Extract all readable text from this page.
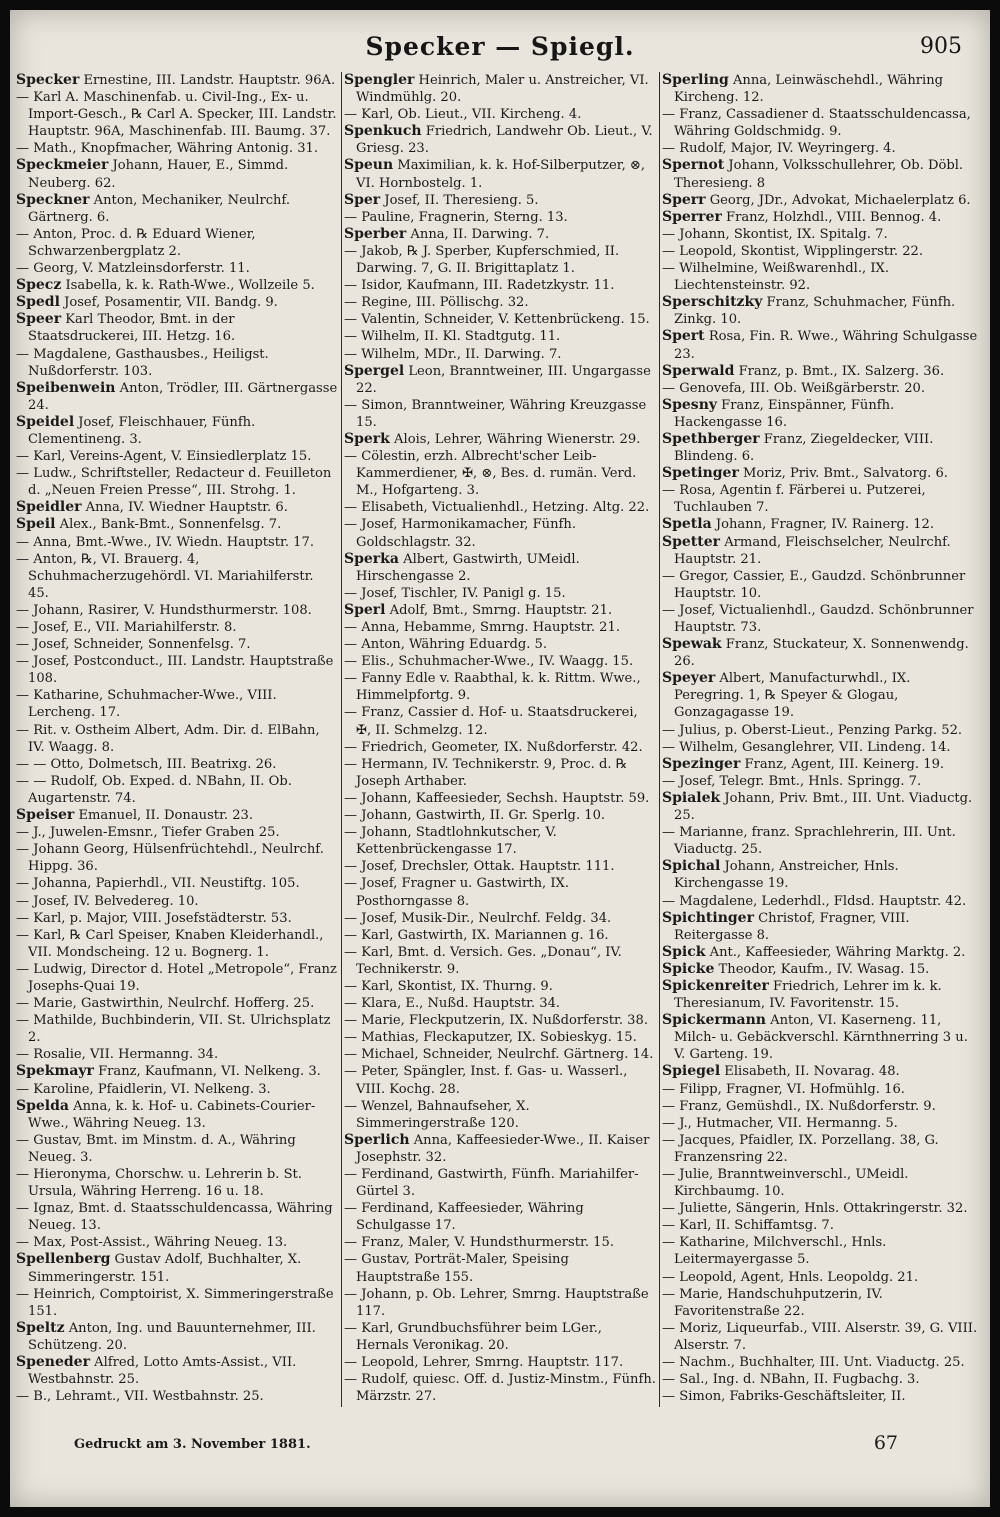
Specker — Spiegl.	905

Specker Ernestine, III. Landstr. Hauptstr. 96A.

— Karl A. Maschinenfab. u. Civil-Ing., Ex- u. Import-Gesch., ℞ Carl A. Specker, III. Landstr. Hauptstr. 96A, Maschinenfab. III. Baumg. 37.

— Math., Knopfmacher, Währing Antonig. 31.

Speckmeier Johann, Hauer, E., Simmd. Neuberg. 62.

Speckner Anton, Mechaniker, Neulrchf. Gärtnerg. 6.

— Anton, Proc. d. ℞ Eduard Wiener, Schwarzenbergplatz 2.

— Georg, V. Matzleinsdorferstr. 11.

Specz Isabella, k. k. Rath-Wwe., Wollzeile 5.

Spedl Josef, Posamentir, VII. Bandg. 9.

Speer Karl Theodor, Bmt. in der Staatsdruckerei, III. Hetzg. 16.

— Magdalene, Gasthausbes., Heiligst. Nußdorferstr. 103.

Speibenwein Anton, Trödler, III. Gärtnergasse 24.

Speidel Josef, Fleischhauer, Fünfh. Clementineng. 3.

— Karl, Vereins-Agent, V. Einsiedlerplatz 15.

— Ludw., Schriftsteller, Redacteur d. Feuilleton d. „Neuen Freien Presse“, III. Strohg. 1.

Speidler Anna, IV. Wiedner Hauptstr. 6.

Speil Alex., Bank-Bmt., Sonnenfelsg. 7.

— Anna, Bmt.-Wwe., IV. Wiedn. Hauptstr. 17.

— Anton, ℞, VI. Brauerg. 4, Schuhmacherzugehördl. VI. Mariahilferstr. 45.

— Johann, Rasirer, V. Hundsthurmerstr. 108.

— Josef, E., VII. Mariahilferstr. 8.

— Josef, Schneider, Sonnenfelsg. 7.

— Josef, Postconduct., III. Landstr. Hauptstraße 108.

— Katharine, Schuhmacher-Wwe., VIII. Lercheng. 17.

— Rit. v. Ostheim Albert, Adm. Dir. d. ElBahn, IV. Waagg. 8.

— — Otto, Dolmetsch, III. Beatrixg. 26.

— — Rudolf, Ob. Exped. d. NBahn, II. Ob. Augartenstr. 74.

Speiser Emanuel, II. Donaustr. 23.

— J., Juwelen-Emsnr., Tiefer Graben 25.

— Johann Georg, Hülsenfrüchtehdl., Neulrchf. Hippg. 36.

— Johanna, Papierhdl., VII. Neustiftg. 105.

— Josef, IV. Belvedereg. 10.

— Karl, p. Major, VIII. Josefstädterstr. 53.

— Karl, ℞ Carl Speiser, Knaben Kleiderhandl., VII. Mondscheing. 12 u. Bognerg. 1.

— Ludwig, Director d. Hotel „Metropole“, Franz Josephs-Quai 19.

— Marie, Gastwirthin, Neulrchf. Hofferg. 25.

— Mathilde, Buchbinderin, VII. St. Ulrichsplatz 2.

— Rosalie, VII. Hermanng. 34.

Spekmayr Franz, Kaufmann, VI. Nelkeng. 3.

— Karoline, Pfaidlerin, VI. Nelkeng. 3.

Spelda Anna, k. k. Hof- u. Cabinets-Courier-Wwe., Währing Neueg. 13.

— Gustav, Bmt. im Minstm. d. A., Währing Neueg. 3.

— Hieronyma, Chorschw. u. Lehrerin b. St. Ursula, Währing Herreng. 16 u. 18.

— Ignaz, Bmt. d. Staatsschuldencassa, Währing Neueg. 13.

— Max, Post-Assist., Währing Neueg. 13.

Spellenberg Gustav Adolf, Buchhalter, X. Simmeringerstr. 151.

— Heinrich, Comptoirist, X. Simmeringerstraße 151.

Speltz Anton, Ing. und Bauunternehmer, III. Schützeng. 20.

Speneder Alfred, Lotto Amts-Assist., VII. Westbahnstr. 25.

— B., Lehramt., VII. Westbahnstr. 25.

Spengler Heinrich, Maler u. Anstreicher, VI. Windmühlg. 20.

— Karl, Ob. Lieut., VII. Kircheng. 4.

Spenkuch Friedrich, Landwehr Ob. Lieut., V. Griesg. 23.

Speun Maximilian, k. k. Hof-Silberputzer, ⊗, VI. Hornbostelg. 1.

Sper Josef, II. Theresieng. 5.

— Pauline, Fragnerin, Sterng. 13.

Sperber Anna, II. Darwing. 7.

— Jakob, ℞ J. Sperber, Kupferschmied, II. Darwing. 7, G. II. Brigittaplatz 1.

— Isidor, Kaufmann, III. Radetzkystr. 11.

— Regine, III. Pöllischg. 32.

— Valentin, Schneider, V. Kettenbrückeng. 15.

— Wilhelm, II. Kl. Stadtgutg. 11.

— Wilhelm, MDr., II. Darwing. 7.

Spergel Leon, Branntweiner, III. Ungargasse 22.

— Simon, Branntweiner, Währing Kreuzgasse 15.

Sperk Alois, Lehrer, Währing Wienerstr. 29.

— Cölestin, erzh. Albrecht'scher Leib-Kammerdiener, ✠, ⊗, Bes. d. rumän. Verd. M., Hofgarteng. 3.

— Elisabeth, Victualienhdl., Hetzing. Altg. 22.

— Josef, Harmonikamacher, Fünfh. Goldschlagstr. 32.

Sperka Albert, Gastwirth, UMeidl. Hirschengasse 2.

— Josef, Tischler, IV. Panigl g. 15.

Sperl Adolf, Bmt., Smrng. Hauptstr. 21.

— Anna, Hebamme, Smrng. Hauptstr. 21.

— Anton, Währing Eduardg. 5.

— Elis., Schuhmacher-Wwe., IV. Waagg. 15.

— Fanny Edle v. Raabthal, k. k. Rittm. Wwe., Himmelpfortg. 9.

— Franz, Cassier d. Hof- u. Staatsdruckerei, ✠, II. Schmelzg. 12.

— Friedrich, Geometer, IX. Nußdorferstr. 42.

— Hermann, IV. Technikerstr. 9, Proc. d. ℞ Joseph Arthaber.

— Johann, Kaffeesieder, Sechsh. Hauptstr. 59.

— Johann, Gastwirth, II. Gr. Sperlg. 10.

— Johann, Stadtlohnkutscher, V. Kettenbrückengasse 17.

— Josef, Drechsler, Ottak. Hauptstr. 111.

— Josef, Fragner u. Gastwirth, IX. Posthorngasse 8.

— Josef, Musik-Dir., Neulrchf. Feldg. 34.

— Karl, Gastwirth, IX. Mariannen g. 16.

— Karl, Bmt. d. Versich. Ges. „Donau“, IV. Technikerstr. 9.

— Karl, Skontist, IX. Thurng. 9.

— Klara, E., Nußd. Hauptstr. 34.

— Marie, Fleckputzerin, IX. Nußdorferstr. 38.

— Mathias, Fleckaputzer, IX. Sobieskyg. 15.

— Michael, Schneider, Neulrchf. Gärtnerg. 14.

— Peter, Spängler, Inst. f. Gas- u. Wasserl., VIII. Kochg. 28.

— Wenzel, Bahnaufseher, X. Simmeringerstraße 120.

Sperlich Anna, Kaffeesieder-Wwe., II. Kaiser Josephstr. 32.

— Ferdinand, Gastwirth, Fünfh. Mariahilfer-Gürtel 3.

— Ferdinand, Kaffeesieder, Währing Schulgasse 17.

— Franz, Maler, V. Hundsthurmerstr. 15.

— Gustav, Porträt-Maler, Speising Hauptstraße 155.

— Johann, p. Ob. Lehrer, Smrng. Hauptstraße 117.

— Karl, Grundbuchsführer beim LGer., Hernals Veronikag. 20.

— Leopold, Lehrer, Smrng. Hauptstr. 117.

— Rudolf, quiesc. Off. d. Justiz-Minstm., Fünfh. Märzstr. 27.

Sperling Anna, Leinwäschehdl., Währing Kircheng. 12.

— Franz, Cassadiener d. Staatsschuldencassa, Währing Goldschmidg. 9.

— Rudolf, Major, IV. Weyringerg. 4.

Spernot Johann, Volksschullehrer, Ob. Döbl. Theresieng. 8

Sperr Georg, JDr., Advokat, Michaelerplatz 6.

Sperrer Franz, Holzhdl., VIII. Bennog. 4.

— Johann, Skontist, IX. Spitalg. 7.

— Leopold, Skontist, Wipplingerstr. 22.

— Wilhelmine, Weißwarenhdl., IX. Liechtensteinstr. 92.

Sperschitzky Franz, Schuhmacher, Fünfh. Zinkg. 10.

Spert Rosa, Fin. R. Wwe., Währing Schulgasse 23.

Sperwald Franz, p. Bmt., IX. Salzerg. 36.

— Genovefa, III. Ob. Weißgärberstr. 20.

Spesny Franz, Einspänner, Fünfh. Hackengasse 16.

Spethberger Franz, Ziegeldecker, VIII. Blindeng. 6.

Spetinger Moriz, Priv. Bmt., Salvatorg. 6.

— Rosa, Agentin f. Färberei u. Putzerei, Tuchlauben 7.

Spetla Johann, Fragner, IV. Rainerg. 12.

Spetter Armand, Fleischselcher, Neulrchf. Hauptstr. 21.

— Gregor, Cassier, E., Gaudzd. Schönbrunner Hauptstr. 10.

— Josef, Victualienhdl., Gaudzd. Schönbrunner Hauptstr. 73.

Spewak Franz, Stuckateur, X. Sonnenwendg. 26.

Speyer Albert, Manufacturwhdl., IX. Peregring. 1, ℞ Speyer & Glogau, Gonzagagasse 19.

— Julius, p. Oberst-Lieut., Penzing Parkg. 52.

— Wilhelm, Gesanglehrer, VII. Lindeng. 14.

Spezinger Franz, Agent, III. Keinerg. 19.

— Josef, Telegr. Bmt., Hnls. Springg. 7.

Spialek Johann, Priv. Bmt., III. Unt. Viaductg. 25.

— Marianne, franz. Sprachlehrerin, III. Unt. Viaductg. 25.

Spichal Johann, Anstreicher, Hnls. Kirchengasse 19.

— Magdalene, Lederhdl., Fldsd. Hauptstr. 42.

Spichtinger Christof, Fragner, VIII. Reitergasse 8.

Spick Ant., Kaffeesieder, Währing Marktg. 2.

Spicke Theodor, Kaufm., IV. Wasag. 15.

Spickenreiter Friedrich, Lehrer im k. k. Theresianum, IV. Favoritenstr. 15.

Spickermann Anton, VI. Kaserneng. 11, Milch- u. Gebäckverschl. Kärnthnerring 3 u. V. Garteng. 19.

Spiegel Elisabeth, II. Novarag. 48.

— Filipp, Fragner, VI. Hofmühlg. 16.

— Franz, Gemüshdl., IX. Nußdorferstr. 9.

— J., Hutmacher, VII. Hermanng. 5.

— Jacques, Pfaidler, IX. Porzellang. 38, G. Franzensring 22.

— Julie, Branntweinverschl., UMeidl. Kirchbaumg. 10.

— Juliette, Sängerin, Hnls. Ottakringerstr. 32.

— Karl, II. Schiffamtsg. 7.

— Katharine, Milchverschl., Hnls. Leitermayergasse 5.

— Leopold, Agent, Hnls. Leopoldg. 21.

— Marie, Handschuhputzerin, IV. Favoritenstraße 22.

— Moriz, Liqueurfab., VIII. Alserstr. 39, G. VIII. Alserstr. 7.

— Nachm., Buchhalter, III. Unt. Viaductg. 25.

— Sal., Ing. d. NBahn, II. Fugbachg. 3.

— Simon, Fabriks-Geschäftsleiter, II.

Gedruckt am 3. November 1881.	67
